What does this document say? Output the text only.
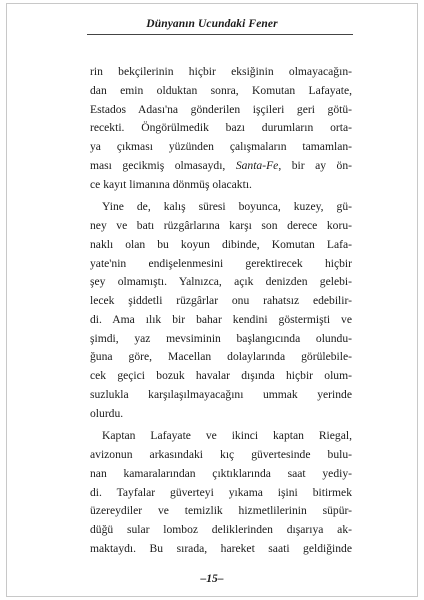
Dünyanın Ucundaki Fener
rin bekçilerinin hiçbir eksiğinin olmayacağın-
dan emin olduktan sonra, Komutan Lafayate,
Estados Adası'na gönderilen işçileri geri götü-
recekti. Öngörülmedik bazı durumların orta-
ya çıkması yüzünden çalışmaların tamamlan-
ması gecikmiş olmasaydı, Santa-Fe, bir ay ön-
ce kayıt limanına dönmüş olacaktı.
Yine de, kalış süresi boyunca, kuzey, gü-
ney ve batı rüzgârlarına karşı son derece koru-
naklı olan bu koyun dibinde, Komutan Lafa-
yate'nin endişelenmesini gerektirecek hiçbir
şey olmamıştı. Yalnızca, açık denizden gelebi-
lecek şiddetli rüzgârlar onu rahatsız edebilir-
di. Ama ılık bir bahar kendini göstermişti ve
şimdi, yaz mevsiminin başlangıcında olundu-
ğuna göre, Macellan dolaylarında görülebile-
cek geçici bozuk havalar dışında hiçbir olum-
suzlukla karşılaşılmayacağını ummak yerinde
olurdu.
Kaptan Lafayate ve ikinci kaptan Riegal,
avizonun arkasındaki kıç güvertesinde bulu-
nan kamaralarından çıktıklarında saat yediy-
di. Tayfalar güverteyi yıkama işini bitirmek
üzereydiler ve temizlik hizmetlilerinin süpür-
düğü sular lomboz deliklerinden dışarıya ak-
maktaydı. Bu sırada, hareket saati geldiğinde
–15–
